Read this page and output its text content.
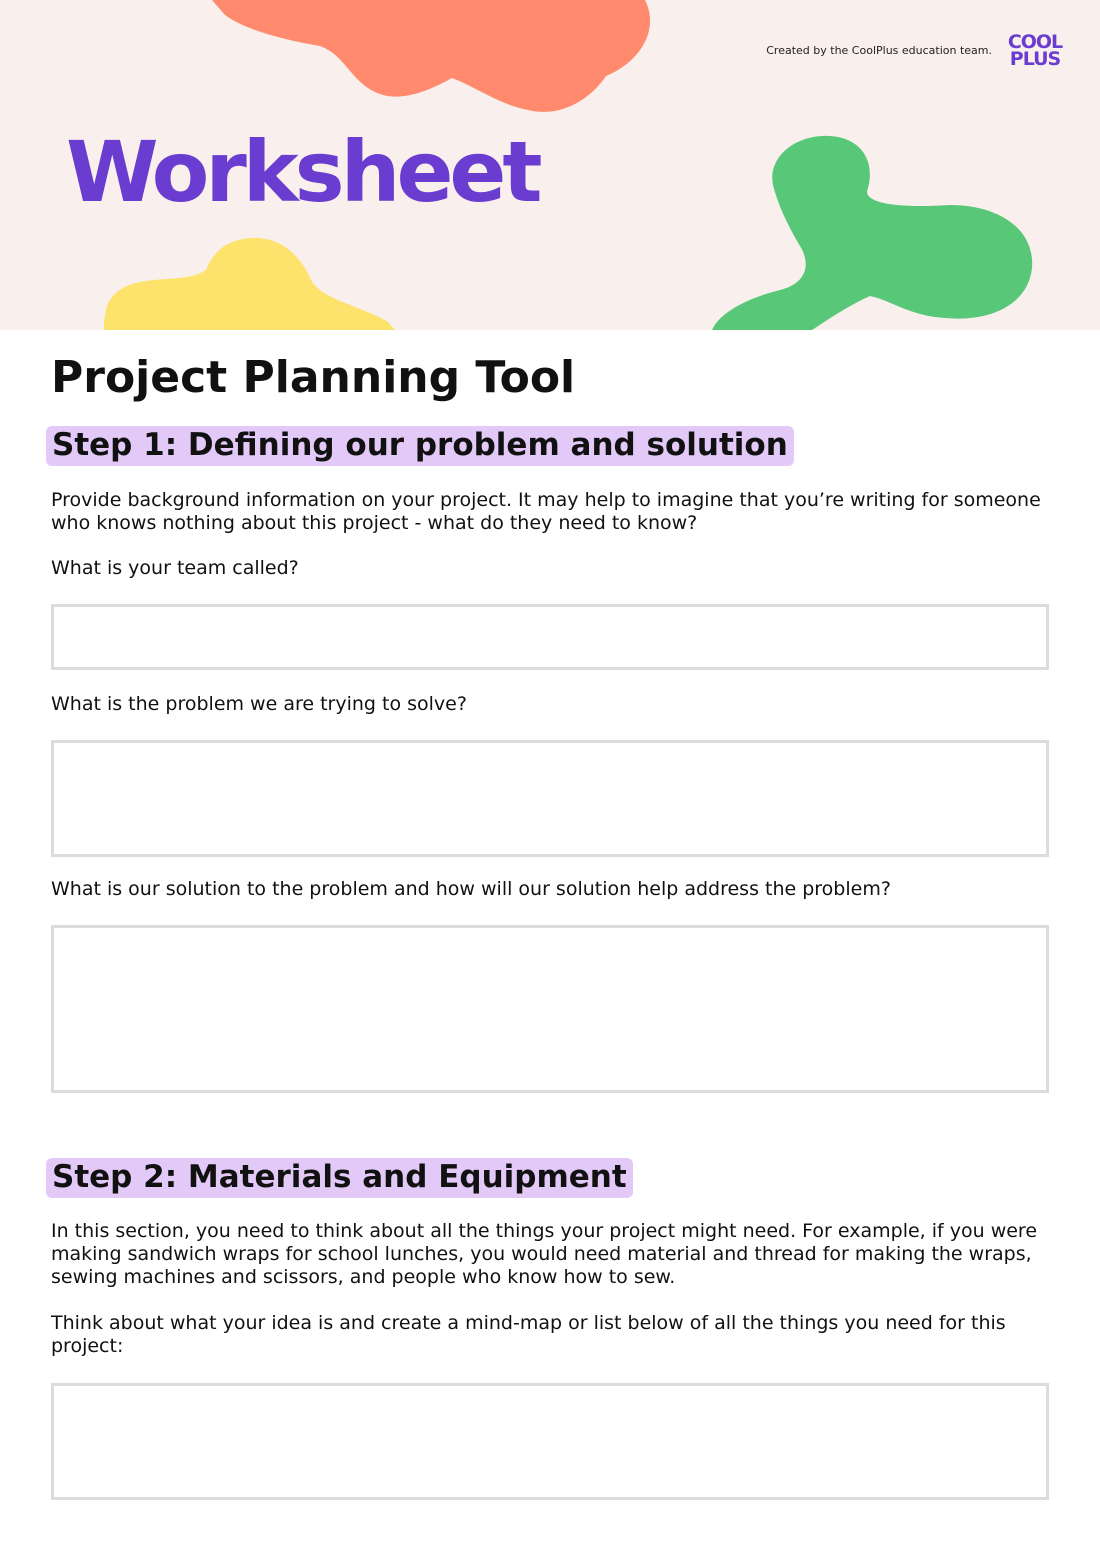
Created by the CoolPlus education team. COOL
PLUS
Worksheet
Project Planning Tool
Step 1: Defining our problem and solution

Provide background information on your project. It may help to imagine that you’re writing for someone who knows nothing about this project - what do they need to know?

What is your team called?

What is the problem we are trying to solve?

What is our solution to the problem and how will our solution help address the problem?

Step 2: Materials and Equipment

In this section, you need to think about all the things your project might need. For example, if you were making sandwich wraps for school lunches, you would need material and thread for making the wraps, sewing machines and scissors, and people who know how to sew.

Think about what your idea is and create a mind-map or list below of all the things you need for this project:
